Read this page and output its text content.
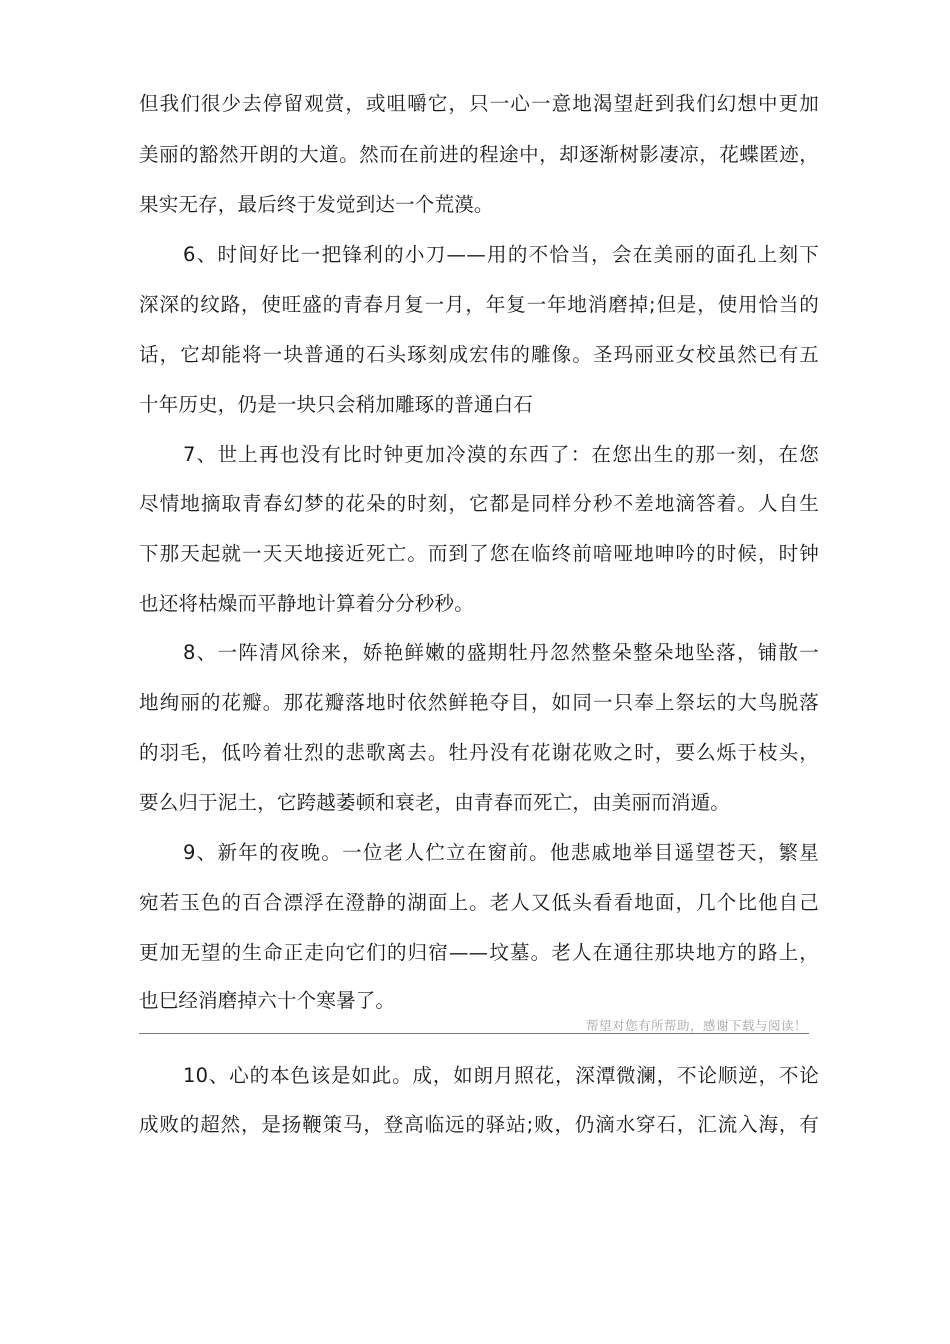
但我们很少去停留观赏，或咀嚼它，只一心一意地渴望赶到我们幻想中更加
美丽的豁然开朗的大道。然而在前进的程途中，却逐渐树影凄凉，花蝶匿迹，
果实无存，最后终于发觉到达一个荒漠。
6、时间好比一把锋利的小刀——用的不恰当，会在美丽的面孔上刻下
深深的纹路，使旺盛的青春月复一月，年复一年地消磨掉;但是，使用恰当的
话，它却能将一块普通的石头琢刻成宏伟的雕像。圣玛丽亚女校虽然已有五
十年历史，仍是一块只会稍加雕琢的普通白石
7、世上再也没有比时钟更加冷漠的东西了：在您出生的那一刻，在您
尽情地摘取青春幻梦的花朵的时刻，它都是同样分秒不差地滴答着。人自生
下那天起就一天天地接近死亡。而到了您在临终前喑哑地呻吟的时候，时钟
也还将枯燥而平静地计算着分分秒秒。
8、一阵清风徐来，娇艳鲜嫩的盛期牡丹忽然整朵整朵地坠落，铺散一
地绚丽的花瓣。那花瓣落地时依然鲜艳夺目，如同一只奉上祭坛的大鸟脱落
的羽毛，低吟着壮烈的悲歌离去。牡丹没有花谢花败之时，要么烁于枝头，
要么归于泥土，它跨越萎顿和衰老，由青春而死亡，由美丽而消遁。
9、新年的夜晚。一位老人伫立在窗前。他悲戚地举目遥望苍天，繁星
宛若玉色的百合漂浮在澄静的湖面上。老人又低头看看地面，几个比他自己
更加无望的生命正走向它们的归宿——坟墓。老人在通往那块地方的路上，
也巳经消磨掉六十个寒暑了。
帮望对您有所帮助，感谢下载与阅读！
10、心的本色该是如此。成，如朗月照花，深潭微澜，不论顺逆，不论
成败的超然，是扬鞭策马，登高临远的驿站;败，仍滴水穿石，汇流入海，有
